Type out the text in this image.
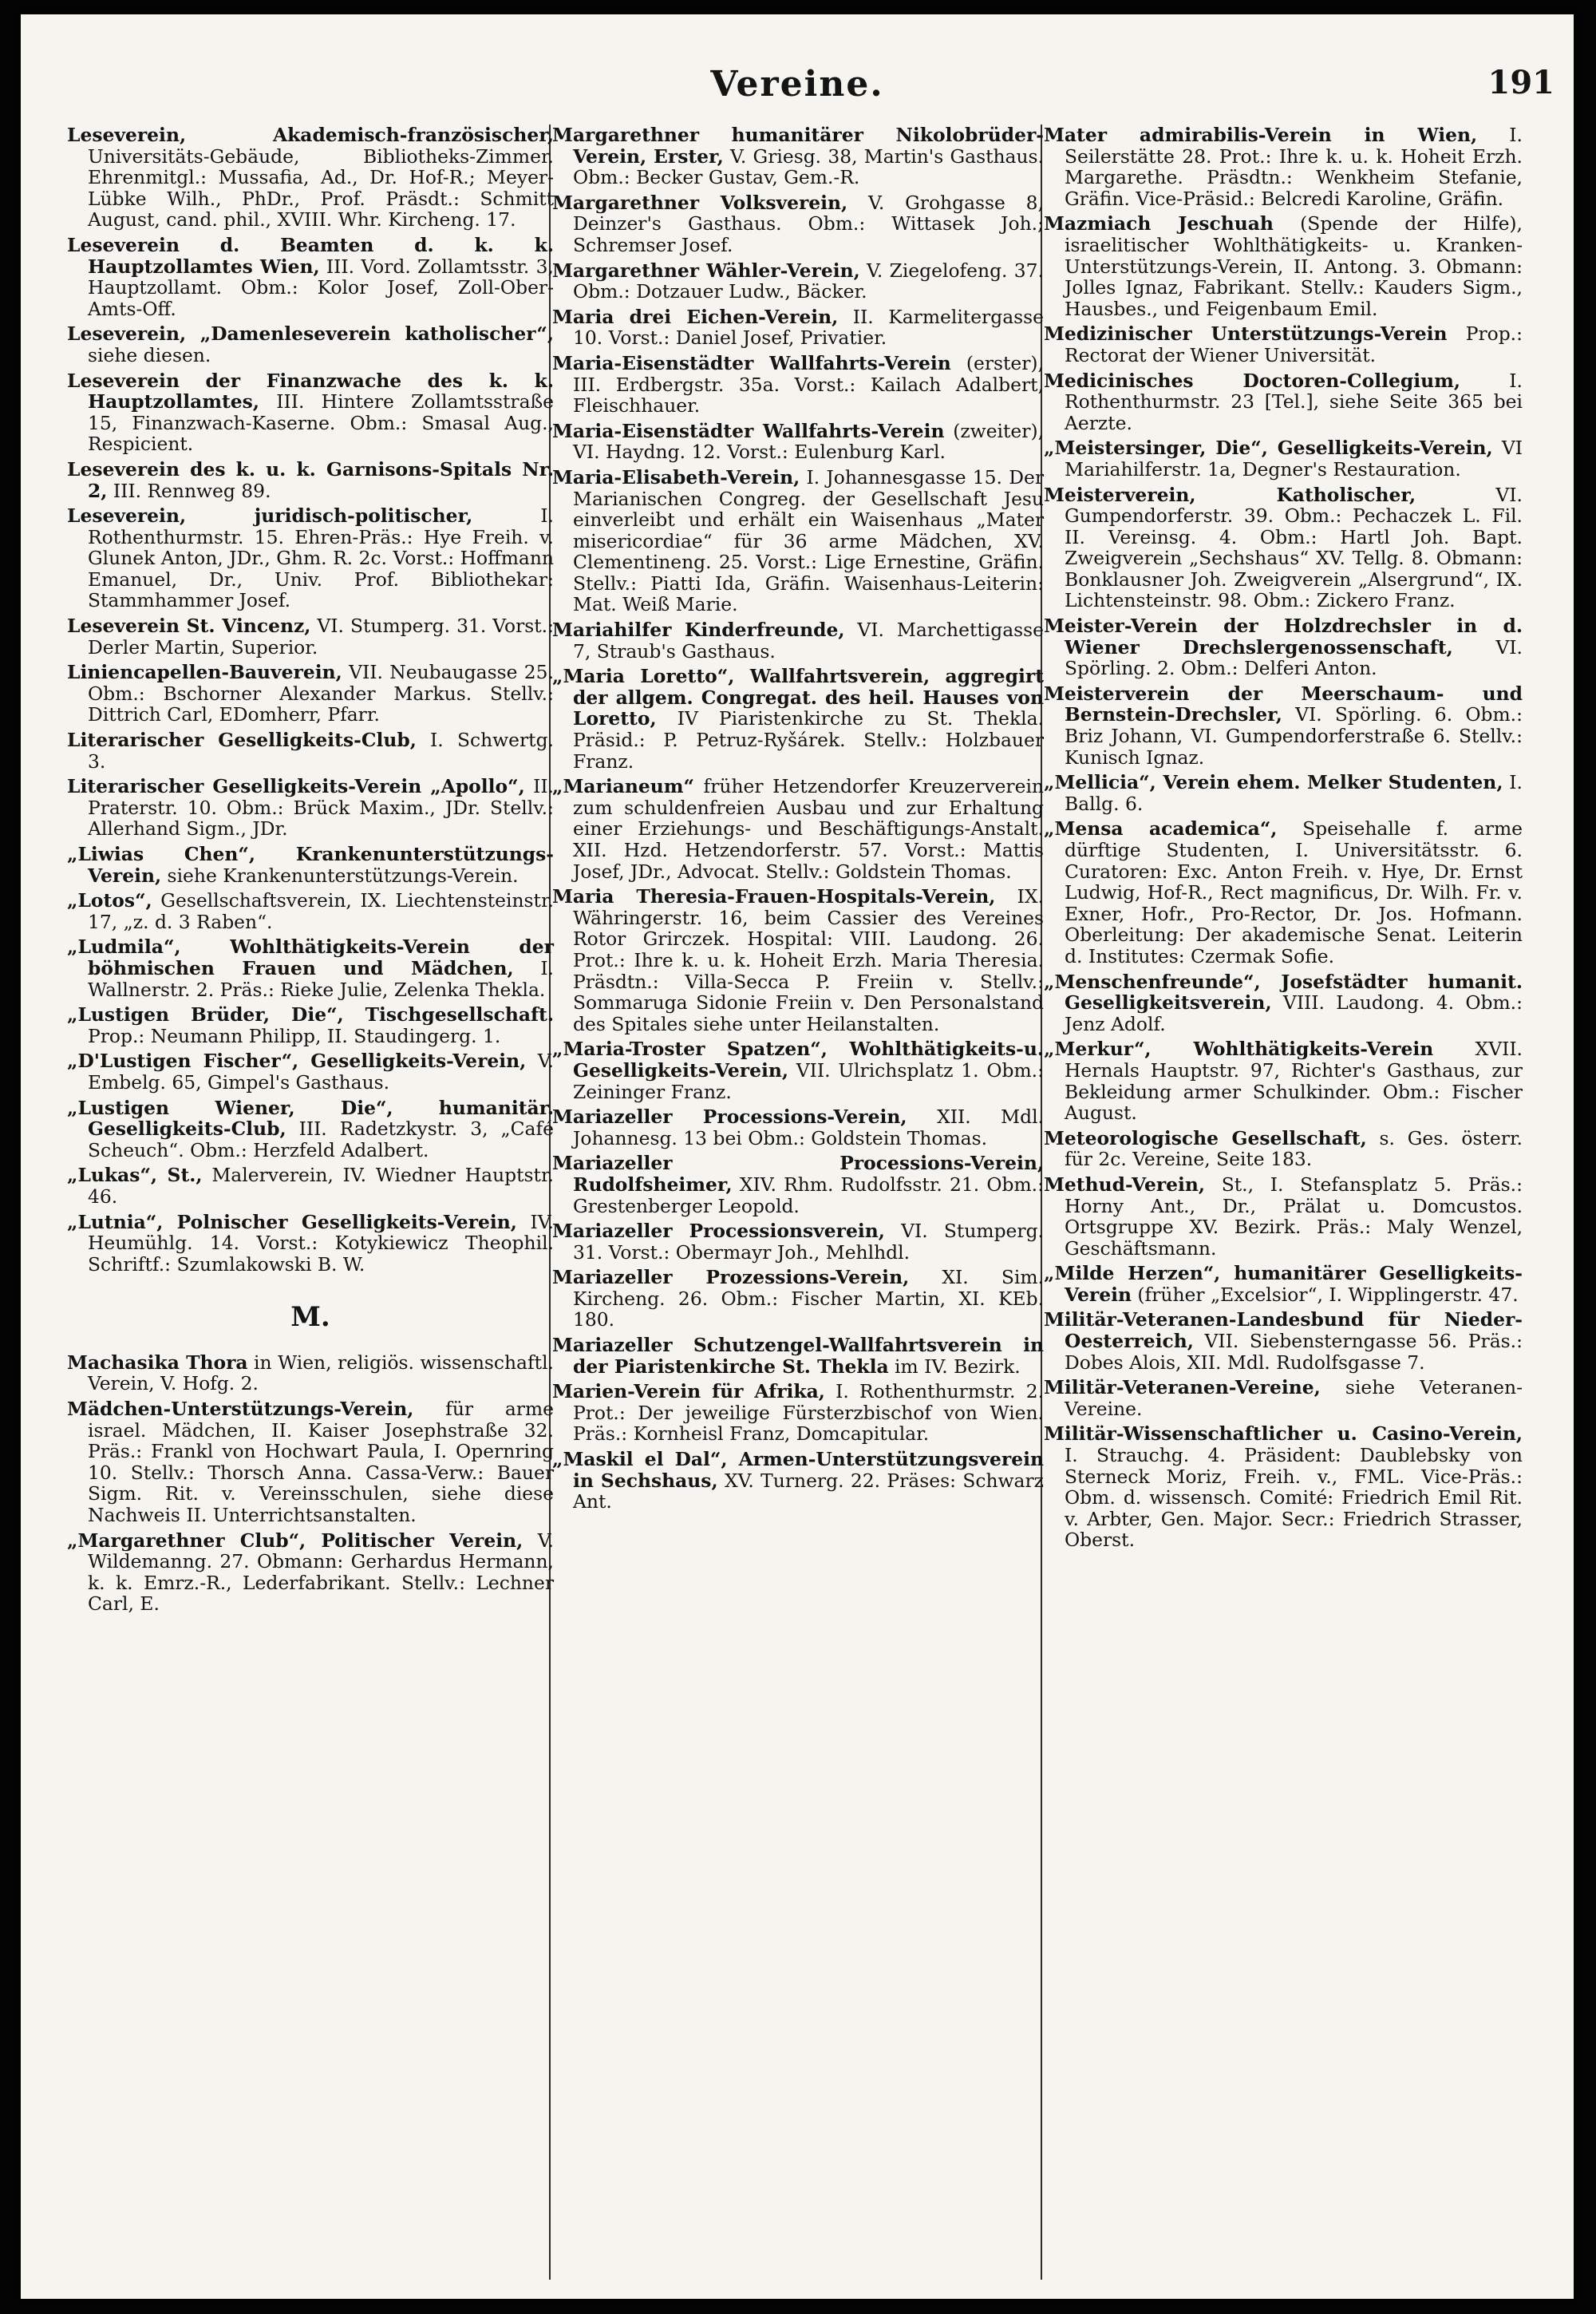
Vereine.	191

Leseverein, Akademisch-französischer, Universitäts-Gebäude, Bibliotheks-Zimmer. Ehrenmitgl.: Mussafia, Ad., Dr. Hof-R.; Meyer-Lübke Wilh., PhDr., Prof. Präsdt.: Schmitt August, cand. phil., XVIII. Whr. Kircheng. 17.

Leseverein d. Beamten d. k. k. Hauptzollamtes Wien, III. Vord. Zollamtsstr. 3, Hauptzollamt. Obm.: Kolor Josef, Zoll-Ober-Amts-Off.

Leseverein, „Damenleseverein katholischer“, siehe diesen.

Leseverein der Finanzwache des k. k. Hauptzollamtes, III. Hintere Zollamtsstraße 15, Finanzwach-Kaserne. Obm.: Smasal Aug., Respicient.

Leseverein des k. u. k. Garnisons-Spitals Nr. 2, III. Rennweg 89.

Leseverein, juridisch-politischer, I. Rothenthurmstr. 15. Ehren-Präs.: Hye Freih. v. Glunek Anton, JDr., Ghm. R. 2c. Vorst.: Hoffmann Emanuel, Dr., Univ. Prof. Bibliothekar: Stammhammer Josef.

Leseverein St. Vincenz, VI. Stumperg. 31. Vorst.: Derler Martin, Superior.

Liniencapellen-Bauverein, VII. Neubaugasse 25. Obm.: Bschorner Alexander Markus. Stellv.: Dittrich Carl, EDomherr, Pfarr.

Literarischer Geselligkeits-Club, I. Schwertg. 3.

Literarischer Geselligkeits-Verein „Apollo“, II. Praterstr. 10. Obm.: Brück Maxim., JDr. Stellv.: Allerhand Sigm., JDr.

„Liwias Chen“, Krankenunterstützungs-Verein, siehe Krankenunterstützungs-Verein.

„Lotos“, Gesellschaftsverein, IX. Liechtensteinstr. 17, „z. d. 3 Raben“.

„Ludmila“, Wohlthätigkeits-Verein der böhmischen Frauen und Mädchen, I. Wallnerstr. 2. Präs.: Rieke Julie, Zelenka Thekla.

„Lustigen Brüder, Die“, Tischgesellschaft. Prop.: Neumann Philipp, II. Staudingerg. 1.

„D'Lustigen Fischer“, Geselligkeits-Verein, V. Embelg. 65, Gimpel's Gasthaus.

„Lustigen Wiener, Die“, humanitär. Geselligkeits-Club, III. Radetzkystr. 3, „Café Scheuch“. Obm.: Herzfeld Adalbert.

„Lukas“, St., Malerverein, IV. Wiedner Hauptstr. 46.

„Lutnia“, Polnischer Geselligkeits-Verein, IV. Heumühlg. 14. Vorst.: Kotykiewicz Theophil. Schriftf.: Szumlakowski B. W.

M.

Machasika Thora in Wien, religiös. wissenschaftl. Verein, V. Hofg. 2.

Mädchen-Unterstützungs-Verein, für arme israel. Mädchen, II. Kaiser Josephstraße 32. Präs.: Frankl von Hochwart Paula, I. Opernring 10. Stellv.: Thorsch Anna. Cassa-Verw.: Bauer Sigm. Rit. v. Vereinsschulen, siehe diese Nachweis II. Unterrichtsanstalten.

„Margarethner Club“, Politischer Verein, V. Wildemanng. 27. Obmann: Gerhardus Hermann, k. k. Emrz.-R., Lederfabrikant. Stellv.: Lechner Carl, E.

Margarethner humanitärer Nikolobrüder-Verein, Erster, V. Griesg. 38, Martin's Gasthaus. Obm.: Becker Gustav, Gem.-R.

Margarethner Volksverein, V. Grohgasse 8, Deinzer's Gasthaus. Obm.: Wittasek Joh.; Schremser Josef.

Margarethner Wähler-Verein, V. Ziegelofeng. 37. Obm.: Dotzauer Ludw., Bäcker.

Maria drei Eichen-Verein, II. Karmelitergasse 10. Vorst.: Daniel Josef, Privatier.

Maria-Eisenstädter Wallfahrts-Verein (erster), III. Erdbergstr. 35a. Vorst.: Kailach Adalbert, Fleischhauer.

Maria-Eisenstädter Wallfahrts-Verein (zweiter), VI. Haydng. 12. Vorst.: Eulenburg Karl.

Maria-Elisabeth-Verein, I. Johannesgasse 15. Der Marianischen Congreg. der Gesellschaft Jesu einverleibt und erhält ein Waisenhaus „Mater misericordiae“ für 36 arme Mädchen, XV. Clementineng. 25. Vorst.: Lige Ernestine, Gräfin. Stellv.: Piatti Ida, Gräfin. Waisenhaus-Leiterin: Mat. Weiß Marie.

Mariahilfer Kinderfreunde, VI. Marchettigasse 7, Straub's Gasthaus.

„Maria Loretto“, Wallfahrtsverein, aggregirt der allgem. Congregat. des heil. Hauses von Loretto, IV Piaristenkirche zu St. Thekla. Präsid.: P. Petruz-Ryšárek. Stellv.: Holzbauer Franz.

„Marianeum“ früher Hetzendorfer Kreuzerverein zum schuldenfreien Ausbau und zur Erhaltung einer Erziehungs- und Beschäftigungs-Anstalt. XII. Hzd. Hetzendorferstr. 57. Vorst.: Mattis Josef, JDr., Advocat. Stellv.: Goldstein Thomas.

Maria Theresia-Frauen-Hospitals-Verein, IX. Währingerstr. 16, beim Cassier des Vereines Rotor Grirczek. Hospital: VIII. Laudong. 26. Prot.: Ihre k. u. k. Hoheit Erzh. Maria Theresia. Präsdtn.: Villa-Secca P. Freiin v. Stellv.: Sommaruga Sidonie Freiin v. Den Personalstand des Spitales siehe unter Heilanstalten.

„Maria-Troster Spatzen“, Wohlthätigkeits-u. Geselligkeits-Verein, VII. Ulrichsplatz 1. Obm.: Zeininger Franz.

Mariazeller Processions-Verein, XII. Mdl. Johannesg. 13 bei Obm.: Goldstein Thomas.

Mariazeller Processions-Verein, Rudolfsheimer, XIV. Rhm. Rudolfsstr. 21. Obm.: Grestenberger Leopold.

Mariazeller Processionsverein, VI. Stumperg. 31. Vorst.: Obermayr Joh., Mehlhdl.

Mariazeller Prozessions-Verein, XI. Sim. Kircheng. 26. Obm.: Fischer Martin, XI. KEb. 180.

Mariazeller Schutzengel-Wallfahrtsverein in der Piaristenkirche St. Thekla im IV. Bezirk.

Marien-Verein für Afrika, I. Rothenthurmstr. 2. Prot.: Der jeweilige Fürsterzbischof von Wien. Präs.: Kornheisl Franz, Domcapitular.

„Maskil el Dal“, Armen-Unterstützungsverein in Sechshaus, XV. Turnerg. 22. Präses: Schwarz Ant.

Mater admirabilis-Verein in Wien, I. Seilerstätte 28. Prot.: Ihre k. u. k. Hoheit Erzh. Margarethe. Präsdtn.: Wenkheim Stefanie, Gräfin. Vice-Präsid.: Belcredi Karoline, Gräfin.

Mazmiach Jeschuah (Spende der Hilfe), israelitischer Wohlthätigkeits- u. Kranken-Unterstützungs-Verein, II. Antong. 3. Obmann: Jolles Ignaz, Fabrikant. Stellv.: Kauders Sigm., Hausbes., und Feigenbaum Emil.

Medizinischer Unterstützungs-Verein Prop.: Rectorat der Wiener Universität.

Medicinisches Doctoren-Collegium, I. Rothenthurmstr. 23 [Tel.], siehe Seite 365 bei Aerzte.

„Meistersinger, Die“, Geselligkeits-Verein, VI Mariahilferstr. 1a, Degner's Restauration.

Meisterverein, Katholischer, VI. Gumpendorferstr. 39. Obm.: Pechaczek L. Fil. II. Vereinsg. 4. Obm.: Hartl Joh. Bapt. Zweigverein „Sechshaus“ XV. Tellg. 8. Obmann: Bonklausner Joh. Zweigverein „Alsergrund“, IX. Lichtensteinstr. 98. Obm.: Zickero Franz.

Meister-Verein der Holzdrechsler in d. Wiener Drechslergenossenschaft, VI. Spörling. 2. Obm.: Delferi Anton.

Meisterverein der Meerschaum- und Bernstein-Drechsler, VI. Spörling. 6. Obm.: Briz Johann, VI. Gumpendorferstraße 6. Stellv.: Kunisch Ignaz.

„Mellicia“, Verein ehem. Melker Studenten, I. Ballg. 6.

„Mensa academica“, Speisehalle f. arme dürftige Studenten, I. Universitätsstr. 6. Curatoren: Exc. Anton Freih. v. Hye, Dr. Ernst Ludwig, Hof-R., Rect magnificus, Dr. Wilh. Fr. v. Exner, Hofr., Pro-Rector, Dr. Jos. Hofmann. Oberleitung: Der akademische Senat. Leiterin d. Institutes: Czermak Sofie.

„Menschenfreunde“, Josefstädter humanit. Geselligkeitsverein, VIII. Laudong. 4. Obm.: Jenz Adolf.

„Merkur“, Wohlthätigkeits-Verein XVII. Hernals Hauptstr. 97, Richter's Gasthaus, zur Bekleidung armer Schulkinder. Obm.: Fischer August.

Meteorologische Gesellschaft, s. Ges. österr. für 2c. Vereine, Seite 183.

Methud-Verein, St., I. Stefansplatz 5. Präs.: Horny Ant., Dr., Prälat u. Domcustos. Ortsgruppe XV. Bezirk. Präs.: Maly Wenzel, Geschäftsmann.

„Milde Herzen“, humanitärer Geselligkeits-Verein (früher „Excelsior“, I. Wipplingerstr. 47.

Militär-Veteranen-Landesbund für Nieder-Oesterreich, VII. Siebensterngasse 56. Präs.: Dobes Alois, XII. Mdl. Rudolfsgasse 7.

Militär-Veteranen-Vereine, siehe Veteranen-Vereine.

Militär-Wissenschaftlicher u. Casino-Verein, I. Strauchg. 4. Präsident: Daublebsky von Sterneck Moriz, Freih. v., FML. Vice-Präs.: Obm. d. wissensch. Comité: Friedrich Emil Rit. v. Arbter, Gen. Major. Secr.: Friedrich Strasser, Oberst.
